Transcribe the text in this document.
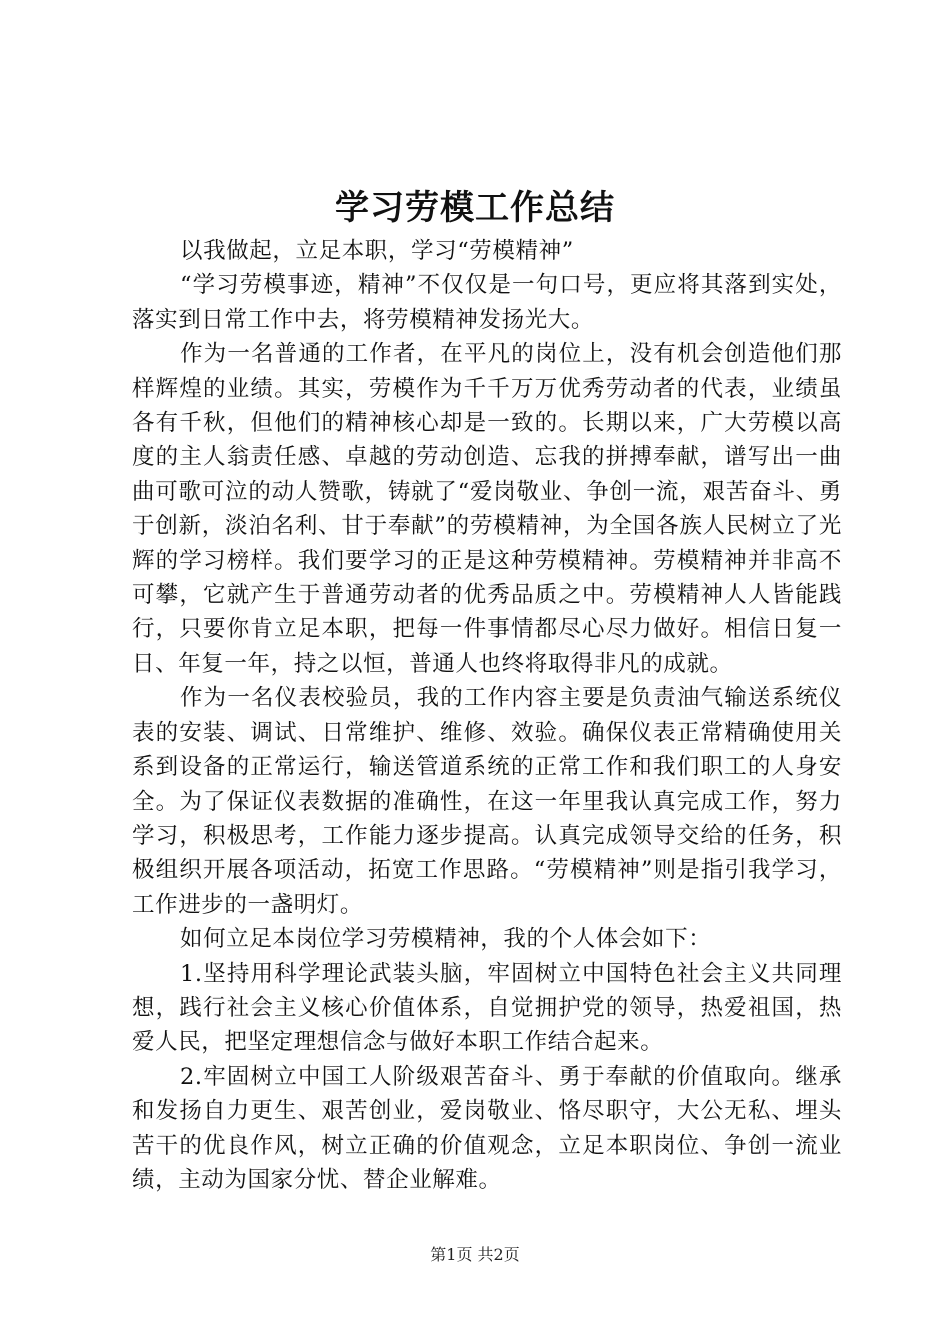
学习劳模工作总结

以我做起，立足本职，学习“劳模精神”

“学习劳模事迹，精神”不仅仅是一句口号，更应将其落到实处，落实到日常工作中去，将劳模精神发扬光大。

作为一名普通的工作者，在平凡的岗位上，没有机会创造他们那样辉煌的业绩。其实，劳模作为千千万万优秀劳动者的代表，业绩虽各有千秋，但他们的精神核心却是一致的。长期以来，广大劳模以高度的主人翁责任感、卓越的劳动创造、忘我的拼搏奉献，谱写出一曲曲可歌可泣的动人赞歌，铸就了“爱岗敬业、争创一流，艰苦奋斗、勇于创新，淡泊名利、甘于奉献”的劳模精神，为全国各族人民树立了光辉的学习榜样。我们要学习的正是这种劳模精神。劳模精神并非高不可攀，它就产生于普通劳动者的优秀品质之中。劳模精神人人皆能践行，只要你肯立足本职，把每一件事情都尽心尽力做好。相信日复一日、年复一年，持之以恒，普通人也终将取得非凡的成就。

作为一名仪表校验员，我的工作内容主要是负责油气输送系统仪表的安装、调试、日常维护、维修、效验。确保仪表正常精确使用关系到设备的正常运行，输送管道系统的正常工作和我们职工的人身安全。为了保证仪表数据的准确性，在这一年里我认真完成工作，努力学习，积极思考，工作能力逐步提高。认真完成领导交给的任务，积极组织开展各项活动，拓宽工作思路。“劳模精神”则是指引我学习，工作进步的一盏明灯。

如何立足本岗位学习劳模精神，我的个人体会如下：

1.坚持用科学理论武装头脑，牢固树立中国特色社会主义共同理想，践行社会主义核心价值体系，自觉拥护党的领导，热爱祖国，热爱人民，把坚定理想信念与做好本职工作结合起来。

2.牢固树立中国工人阶级艰苦奋斗、勇于奉献的价值取向。继承和发扬自力更生、艰苦创业，爱岗敬业、恪尽职守，大公无私、埋头苦干的优良作风，树立正确的价值观念，立足本职岗位、争创一流业绩，主动为国家分忧、替企业解难。

第1页 共2页
